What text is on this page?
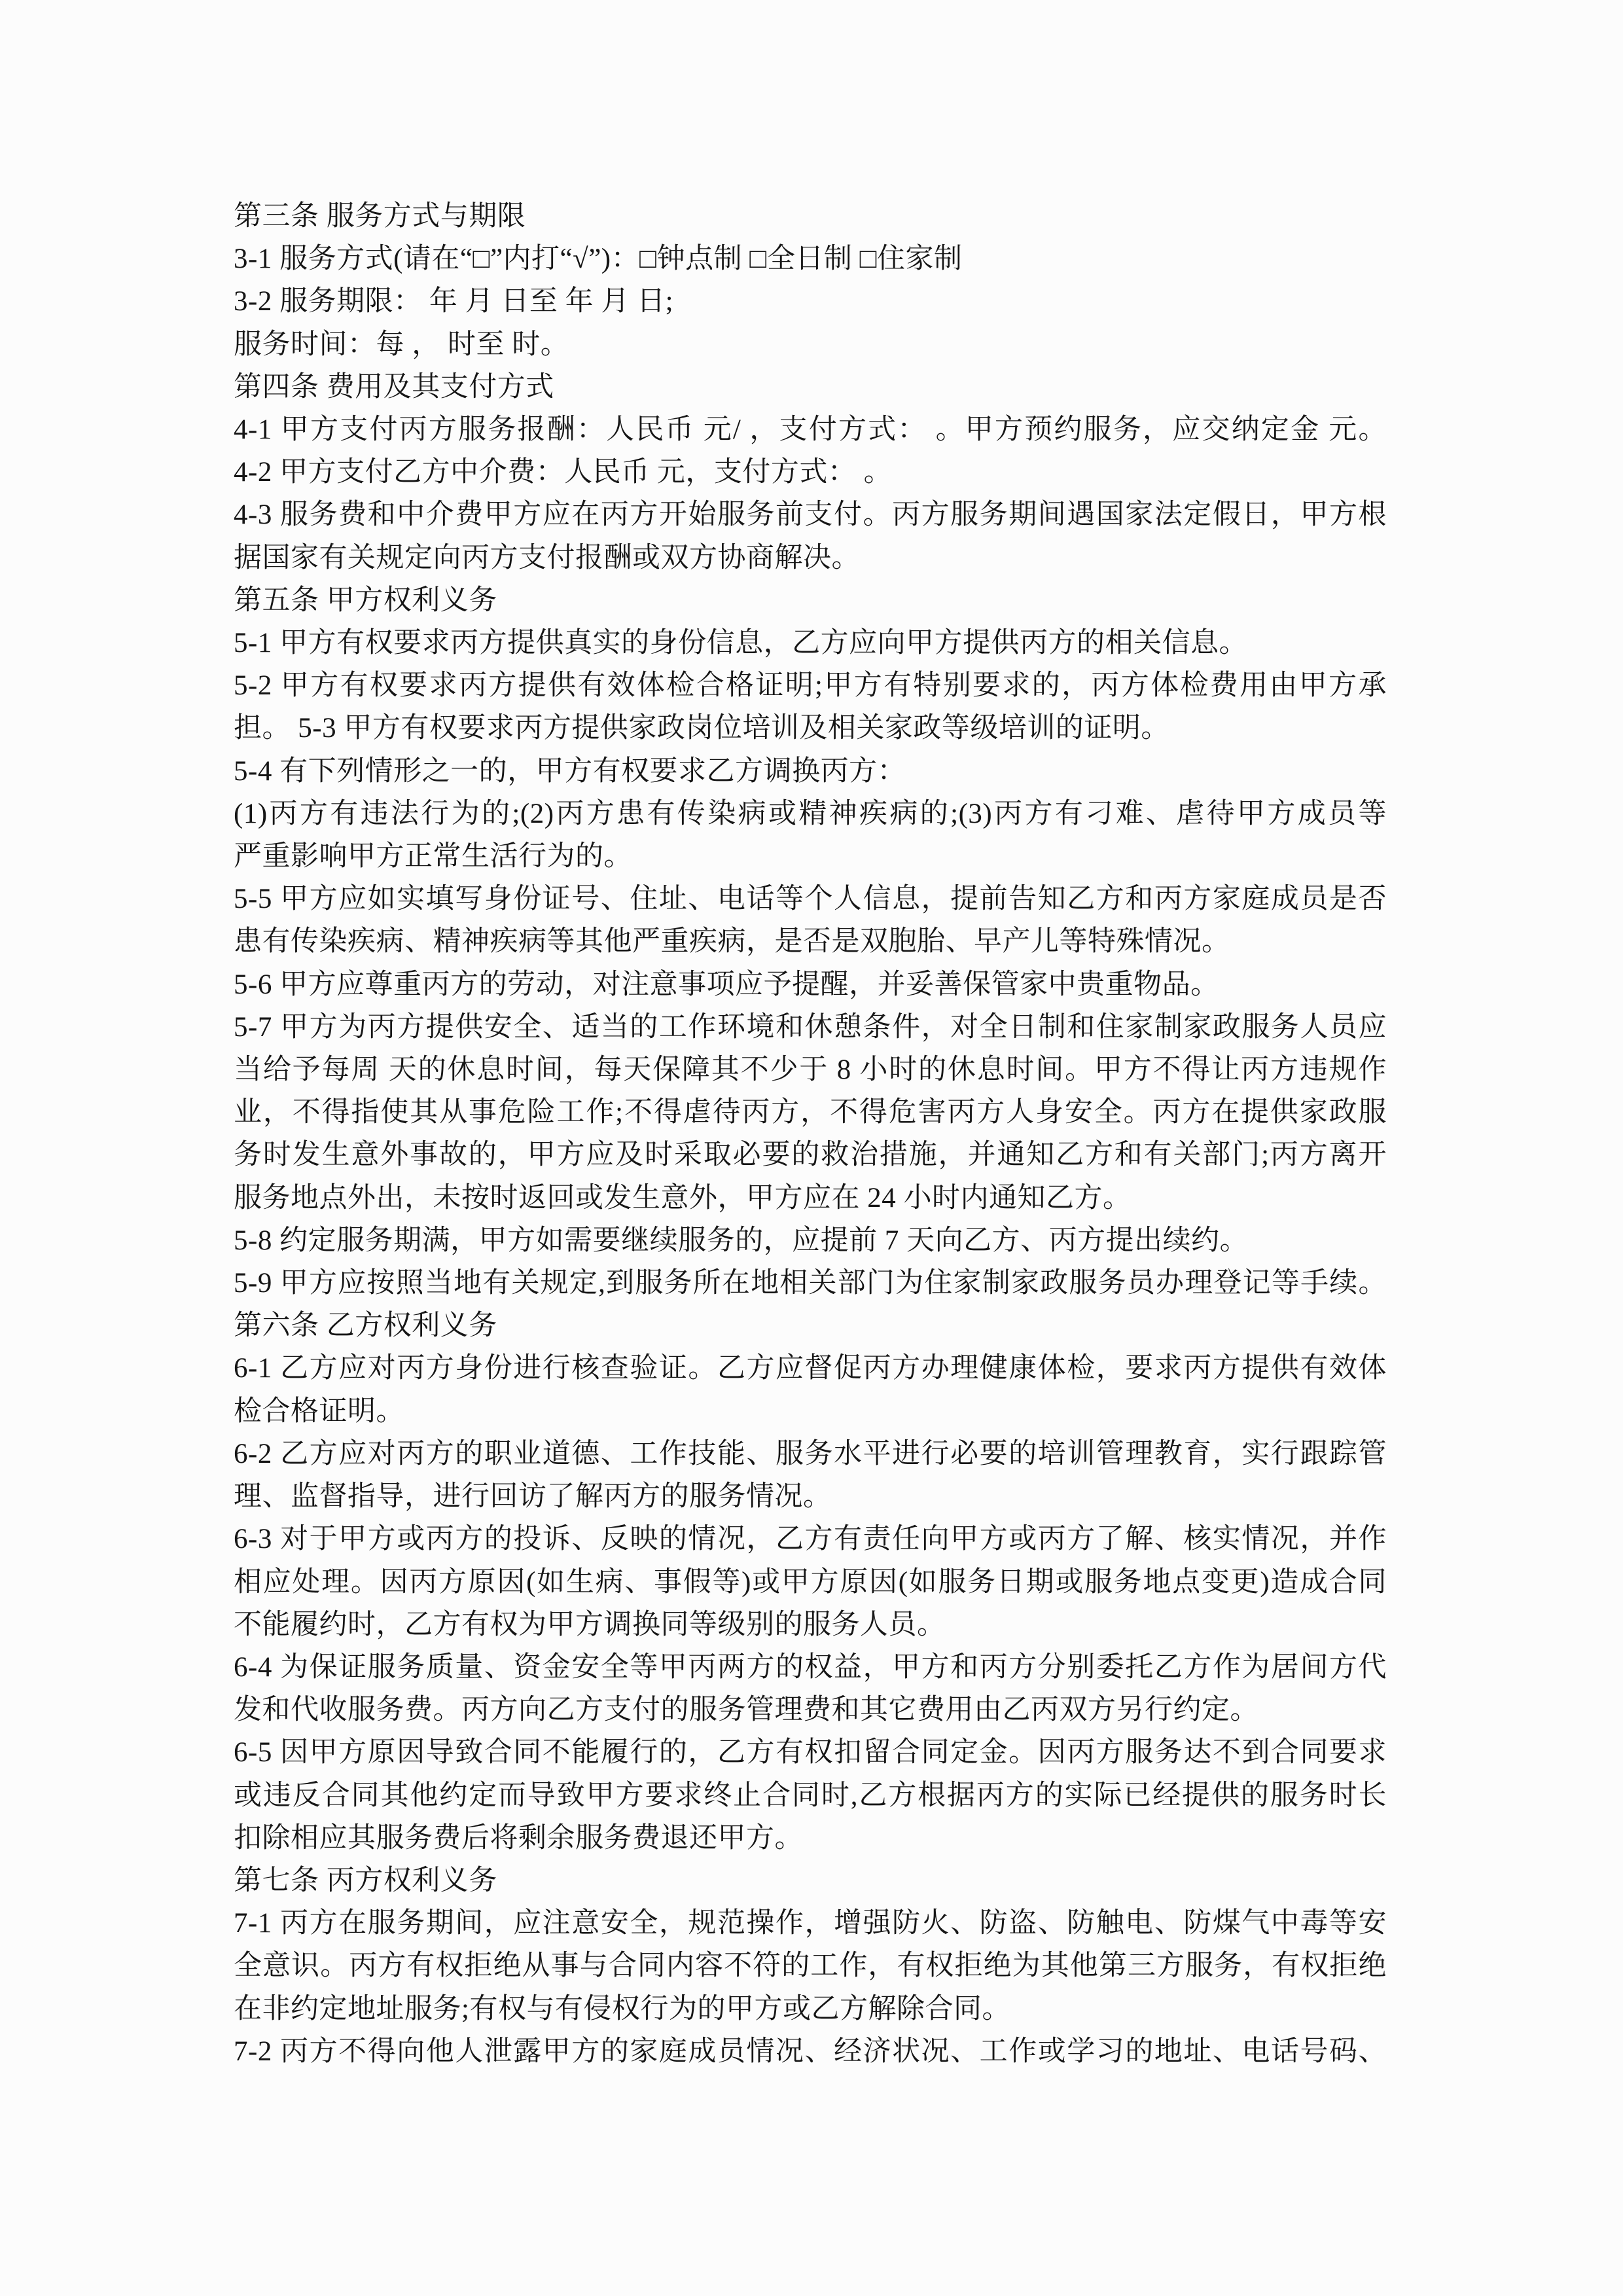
第三条 服务方式与期限

3-1 服务方式(请在“□”内打“√”)：□钟点制 □全日制 □住家制

3-2 服务期限： 年 月 日至 年 月 日;

服务时间：每 ， 时至 时。

第四条 费用及其支付方式

4-1 甲方支付丙方服务报酬：人民币 元/ ，支付方式： 。甲方预约服务，应交纳定金 元。

4-2 甲方支付乙方中介费：人民币 元，支付方式： 。

4-3 服务费和中介费甲方应在丙方开始服务前支付。丙方服务期间遇国家法定假日，甲方根

据国家有关规定向丙方支付报酬或双方协商解决。

第五条 甲方权利义务

5-1 甲方有权要求丙方提供真实的身份信息，乙方应向甲方提供丙方的相关信息。

5-2 甲方有权要求丙方提供有效体检合格证明;甲方有特别要求的，丙方体检费用由甲方承

担。 5-3 甲方有权要求丙方提供家政岗位培训及相关家政等级培训的证明。

5-4 有下列情形之一的，甲方有权要求乙方调换丙方：

(1)丙方有违法行为的;(2)丙方患有传染病或精神疾病的;(3)丙方有刁难、虐待甲方成员等

严重影响甲方正常生活行为的。

5-5 甲方应如实填写身份证号、住址、电话等个人信息，提前告知乙方和丙方家庭成员是否

患有传染疾病、精神疾病等其他严重疾病，是否是双胞胎、早产儿等特殊情况。

5-6 甲方应尊重丙方的劳动，对注意事项应予提醒，并妥善保管家中贵重物品。

5-7 甲方为丙方提供安全、适当的工作环境和休憩条件，对全日制和住家制家政服务人员应

当给予每周 天的休息时间，每天保障其不少于 8 小时的休息时间。甲方不得让丙方违规作

业，不得指使其从事危险工作;不得虐待丙方，不得危害丙方人身安全。丙方在提供家政服

务时发生意外事故的，甲方应及时采取必要的救治措施，并通知乙方和有关部门;丙方离开

服务地点外出，未按时返回或发生意外，甲方应在 24 小时内通知乙方。

5-8 约定服务期满，甲方如需要继续服务的，应提前 7 天向乙方、丙方提出续约。

5-9 甲方应按照当地有关规定,到服务所在地相关部门为住家制家政服务员办理登记等手续。

第六条 乙方权利义务

6-1 乙方应对丙方身份进行核查验证。乙方应督促丙方办理健康体检，要求丙方提供有效体

检合格证明。

6-2 乙方应对丙方的职业道德、工作技能、服务水平进行必要的培训管理教育，实行跟踪管

理、监督指导，进行回访了解丙方的服务情况。

6-3 对于甲方或丙方的投诉、反映的情况，乙方有责任向甲方或丙方了解、核实情况，并作

相应处理。因丙方原因(如生病、事假等)或甲方原因(如服务日期或服务地点变更)造成合同

不能履约时，乙方有权为甲方调换同等级别的服务人员。

6-4 为保证服务质量、资金安全等甲丙两方的权益，甲方和丙方分别委托乙方作为居间方代

发和代收服务费。丙方向乙方支付的服务管理费和其它费用由乙丙双方另行约定。

6-5 因甲方原因导致合同不能履行的，乙方有权扣留合同定金。因丙方服务达不到合同要求

或违反合同其他约定而导致甲方要求终止合同时,乙方根据丙方的实际已经提供的服务时长

扣除相应其服务费后将剩余服务费退还甲方。

第七条 丙方权利义务

7-1 丙方在服务期间，应注意安全，规范操作，增强防火、防盗、防触电、防煤气中毒等安

全意识。丙方有权拒绝从事与合同内容不符的工作，有权拒绝为其他第三方服务，有权拒绝

在非约定地址服务;有权与有侵权行为的甲方或乙方解除合同。

7-2 丙方不得向他人泄露甲方的家庭成员情况、经济状况、工作或学习的地址、电话号码、
